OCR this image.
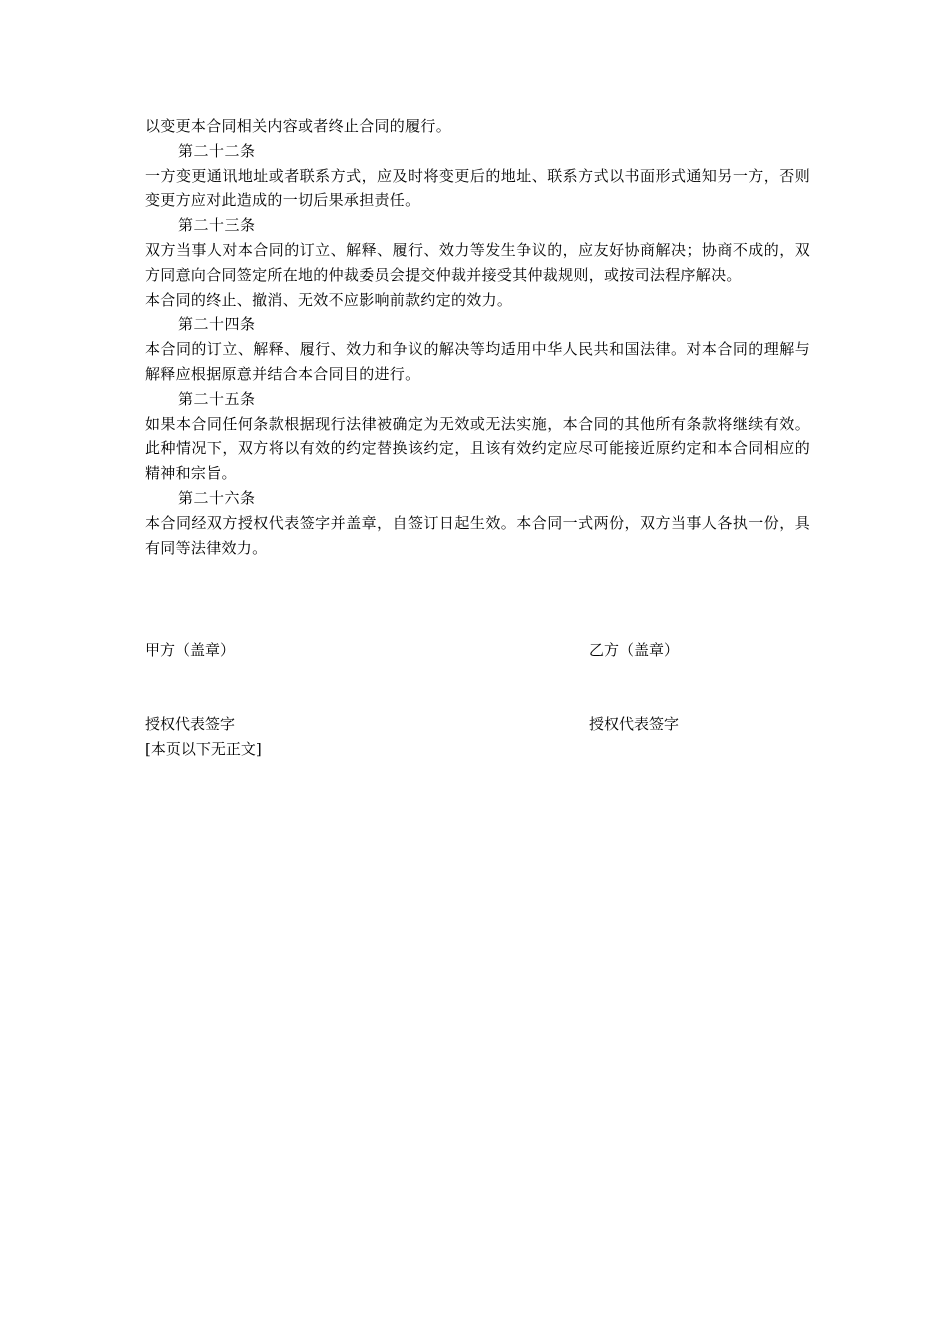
以变更本合同相关内容或者终止合同的履行。

第二十二条

一方变更通讯地址或者联系方式，应及时将变更后的地址、联系方式以书面形式通知另一方，否则变更方应对此造成的一切后果承担责任。

第二十三条

双方当事人对本合同的订立、解释、履行、效力等发生争议的，应友好协商解决；协商不成的，双方同意向合同签定所在地的仲裁委员会提交仲裁并接受其仲裁规则，或按司法程序解决。

本合同的终止、撤消、无效不应影响前款约定的效力。

第二十四条

本合同的订立、解释、履行、效力和争议的解决等均适用中华人民共和国法律。对本合同的理解与解释应根据原意并结合本合同目的进行。

第二十五条

如果本合同任何条款根据现行法律被确定为无效或无法实施，本合同的其他所有条款将继续有效。此种情况下，双方将以有效的约定替换该约定，且该有效约定应尽可能接近原约定和本合同相应的精神和宗旨。

第二十六条

本合同经双方授权代表签字并盖章，自签订日起生效。本合同一式两份，双方当事人各执一份，具有同等法律效力。

甲方（盖章）	乙方（盖章）
授权代表签字	授权代表签字
[本页以下无正文]
